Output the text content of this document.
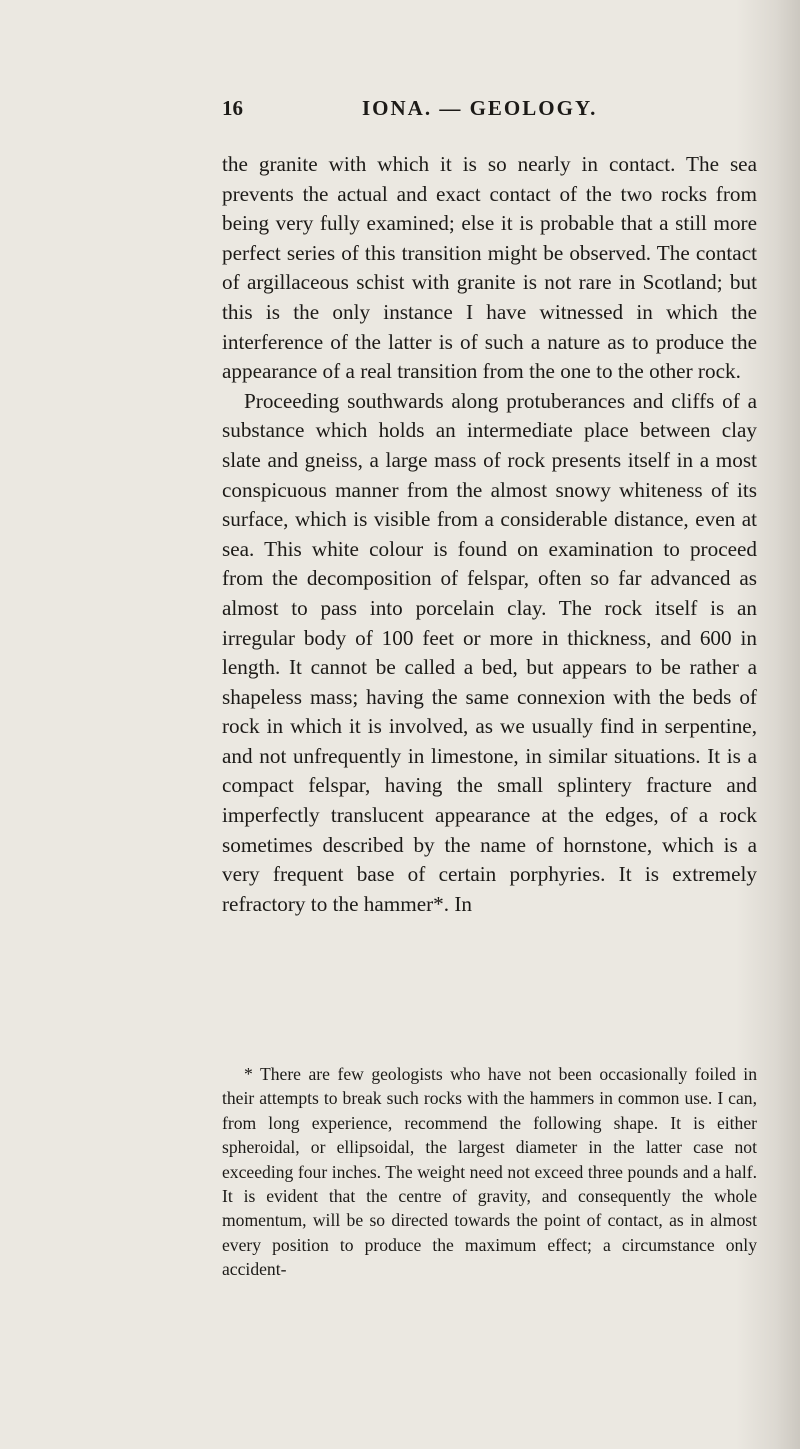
16	IONA. — GEOLOGY.

the granite with which it is so nearly in contact. The sea prevents the actual and exact contact of the two rocks from being very fully examined; else it is probable that a still more perfect series of this transition might be observed. The contact of argillaceous schist with granite is not rare in Scotland; but this is the only instance I have witnessed in which the interference of the latter is of such a nature as to produce the appearance of a real transition from the one to the other rock.

Proceeding southwards along protuberances and cliffs of a substance which holds an intermediate place between clay slate and gneiss, a large mass of rock presents itself in a most conspicuous manner from the almost snowy whiteness of its surface, which is visible from a considerable distance, even at sea. This white colour is found on examination to proceed from the decomposition of felspar, often so far advanced as almost to pass into porcelain clay. The rock itself is an irregular body of 100 feet or more in thickness, and 600 in length. It cannot be called a bed, but appears to be rather a shapeless mass; having the same connexion with the beds of rock in which it is involved, as we usually find in serpentine, and not unfrequently in limestone, in similar situations. It is a compact felspar, having the small splintery fracture and imperfectly translucent appearance at the edges, of a rock sometimes described by the name of hornstone, which is a very frequent base of certain porphyries. It is extremely refractory to the hammer*. In

* There are few geologists who have not been occasionally foiled in their attempts to break such rocks with the hammers in common use. I can, from long experience, recommend the following shape. It is either spheroidal, or ellipsoidal, the largest diameter in the latter case not exceeding four inches. The weight need not exceed three pounds and a half. It is evident that the centre of gravity, and consequently the whole momentum, will be so directed towards the point of contact, as in almost every position to produce the maximum effect; a circumstance only accident-
